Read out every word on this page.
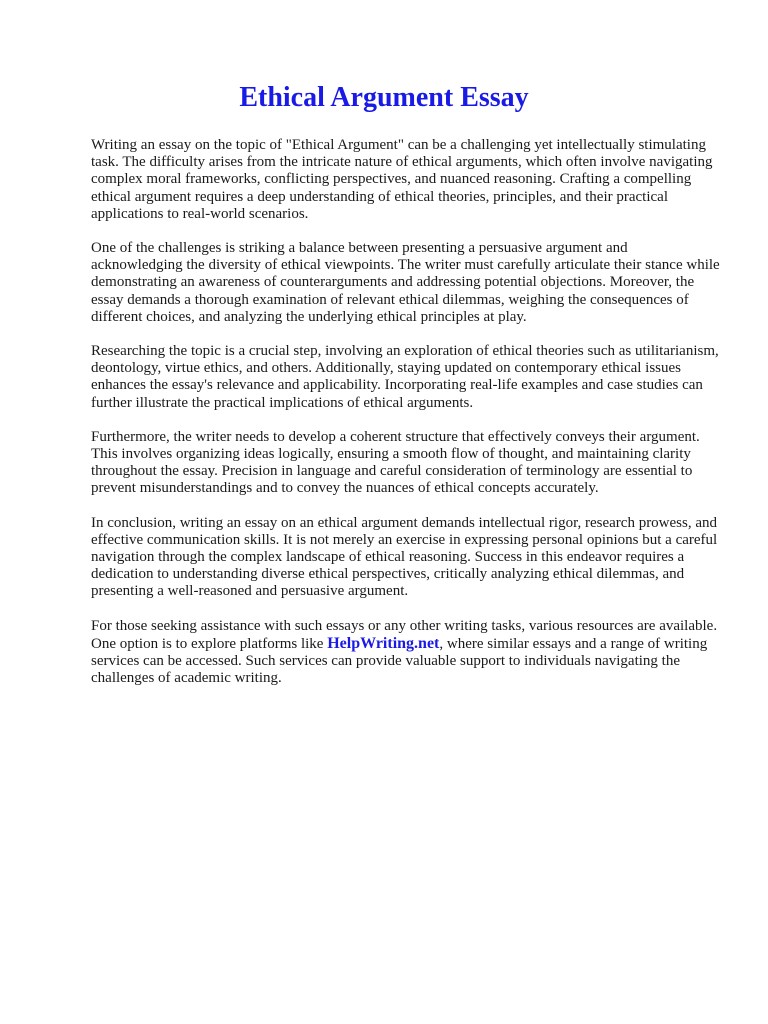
Ethical Argument Essay

Writing an essay on the topic of "Ethical Argument" can be a challenging yet intellectually stimulating task. The difficulty arises from the intricate nature of ethical arguments, which often involve navigating complex moral frameworks, conflicting perspectives, and nuanced reasoning. Crafting a compelling ethical argument requires a deep understanding of ethical theories, principles, and their practical applications to real-world scenarios.

One of the challenges is striking a balance between presenting a persuasive argument and acknowledging the diversity of ethical viewpoints. The writer must carefully articulate their stance while demonstrating an awareness of counterarguments and addressing potential objections. Moreover, the essay demands a thorough examination of relevant ethical dilemmas, weighing the consequences of different choices, and analyzing the underlying ethical principles at play.

Researching the topic is a crucial step, involving an exploration of ethical theories such as utilitarianism, deontology, virtue ethics, and others. Additionally, staying updated on contemporary ethical issues enhances the essay's relevance and applicability. Incorporating real-life examples and case studies can further illustrate the practical implications of ethical arguments.

Furthermore, the writer needs to develop a coherent structure that effectively conveys their argument. This involves organizing ideas logically, ensuring a smooth flow of thought, and maintaining clarity throughout the essay. Precision in language and careful consideration of terminology are essential to prevent misunderstandings and to convey the nuances of ethical concepts accurately.

In conclusion, writing an essay on an ethical argument demands intellectual rigor, research prowess, and effective communication skills. It is not merely an exercise in expressing personal opinions but a careful navigation through the complex landscape of ethical reasoning. Success in this endeavor requires a dedication to understanding diverse ethical perspectives, critically analyzing ethical dilemmas, and presenting a well-reasoned and persuasive argument.

For those seeking assistance with such essays or any other writing tasks, various resources are available. One option is to explore platforms like HelpWriting.net, where similar essays and a range of writing services can be accessed. Such services can provide valuable support to individuals navigating the challenges of academic writing.
